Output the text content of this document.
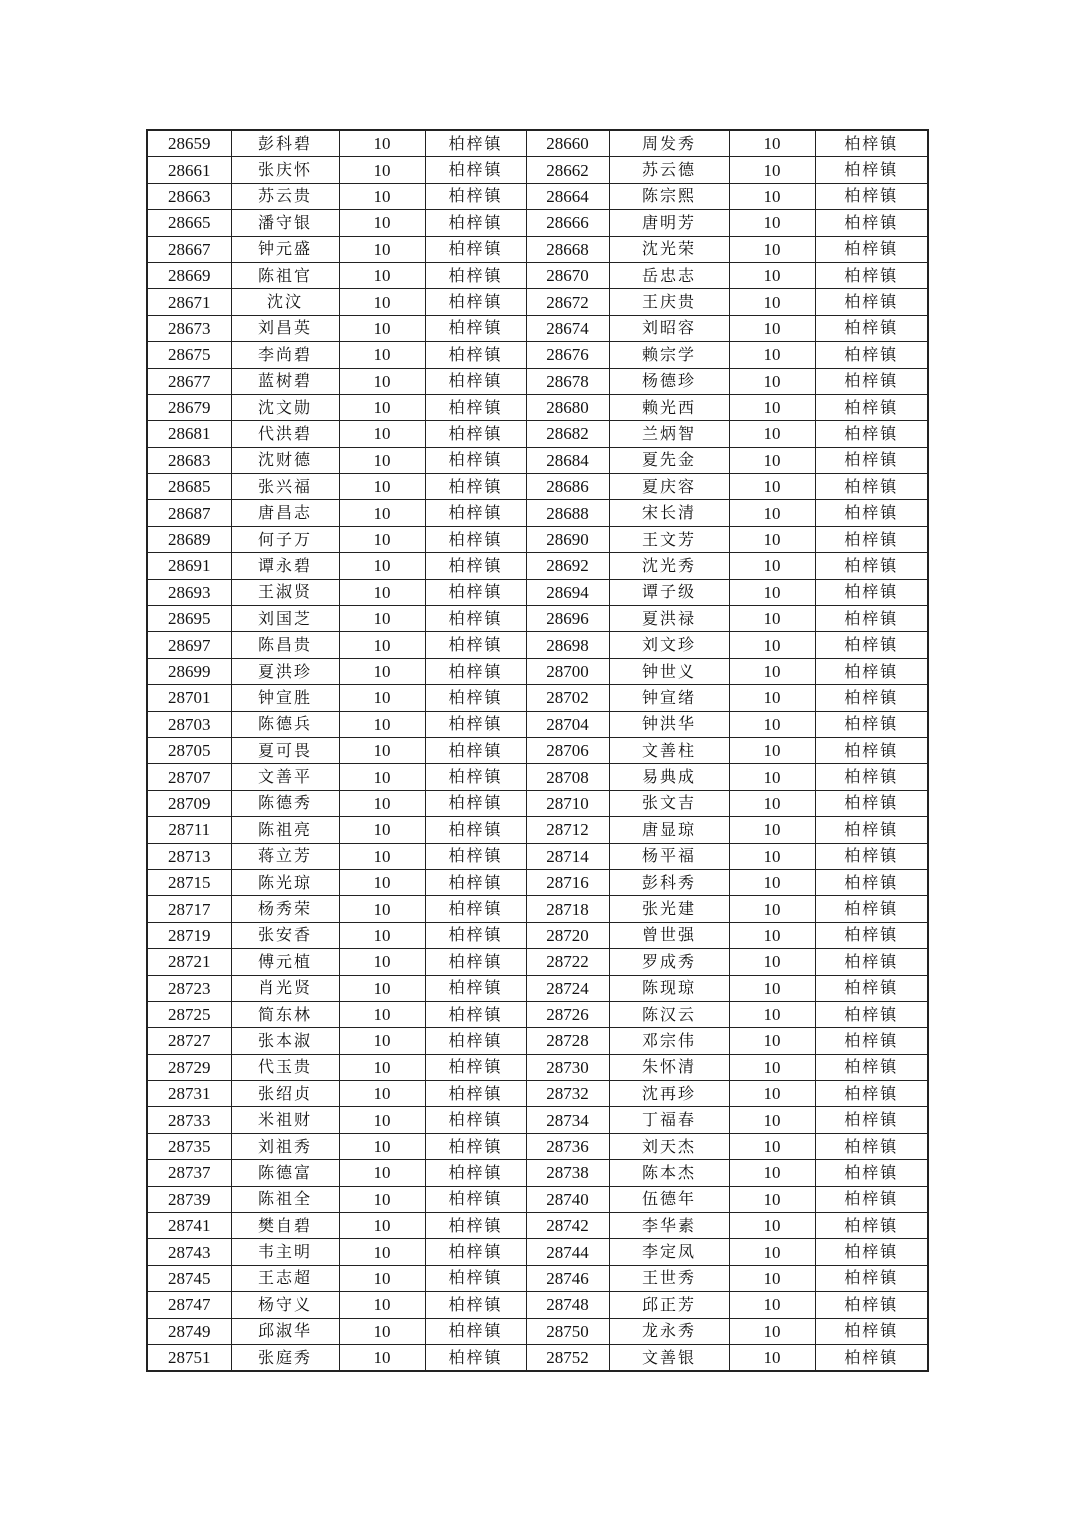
28659	彭科碧	10	柏梓镇	28660	周发秀	10	柏梓镇
28661	张庆怀	10	柏梓镇	28662	苏云德	10	柏梓镇
28663	苏云贵	10	柏梓镇	28664	陈宗熙	10	柏梓镇
28665	潘守银	10	柏梓镇	28666	唐明芳	10	柏梓镇
28667	钟元盛	10	柏梓镇	28668	沈光荣	10	柏梓镇
28669	陈祖官	10	柏梓镇	28670	岳忠志	10	柏梓镇
28671	沈汶	10	柏梓镇	28672	王庆贵	10	柏梓镇
28673	刘昌英	10	柏梓镇	28674	刘昭容	10	柏梓镇
28675	李尚碧	10	柏梓镇	28676	赖宗学	10	柏梓镇
28677	蓝树碧	10	柏梓镇	28678	杨德珍	10	柏梓镇
28679	沈文勋	10	柏梓镇	28680	赖光西	10	柏梓镇
28681	代洪碧	10	柏梓镇	28682	兰炳智	10	柏梓镇
28683	沈财德	10	柏梓镇	28684	夏先金	10	柏梓镇
28685	张兴福	10	柏梓镇	28686	夏庆容	10	柏梓镇
28687	唐昌志	10	柏梓镇	28688	宋长清	10	柏梓镇
28689	何子万	10	柏梓镇	28690	王文芳	10	柏梓镇
28691	谭永碧	10	柏梓镇	28692	沈光秀	10	柏梓镇
28693	王淑贤	10	柏梓镇	28694	谭子级	10	柏梓镇
28695	刘国芝	10	柏梓镇	28696	夏洪禄	10	柏梓镇
28697	陈昌贵	10	柏梓镇	28698	刘文珍	10	柏梓镇
28699	夏洪珍	10	柏梓镇	28700	钟世义	10	柏梓镇
28701	钟宣胜	10	柏梓镇	28702	钟宣绪	10	柏梓镇
28703	陈德兵	10	柏梓镇	28704	钟洪华	10	柏梓镇
28705	夏可畏	10	柏梓镇	28706	文善柱	10	柏梓镇
28707	文善平	10	柏梓镇	28708	易典成	10	柏梓镇
28709	陈德秀	10	柏梓镇	28710	张文吉	10	柏梓镇
28711	陈祖亮	10	柏梓镇	28712	唐显琼	10	柏梓镇
28713	蒋立芳	10	柏梓镇	28714	杨平福	10	柏梓镇
28715	陈光琼	10	柏梓镇	28716	彭科秀	10	柏梓镇
28717	杨秀荣	10	柏梓镇	28718	张光建	10	柏梓镇
28719	张安香	10	柏梓镇	28720	曾世强	10	柏梓镇
28721	傅元植	10	柏梓镇	28722	罗成秀	10	柏梓镇
28723	肖光贤	10	柏梓镇	28724	陈现琼	10	柏梓镇
28725	简东林	10	柏梓镇	28726	陈汉云	10	柏梓镇
28727	张本淑	10	柏梓镇	28728	邓宗伟	10	柏梓镇
28729	代玉贵	10	柏梓镇	28730	朱怀清	10	柏梓镇
28731	张绍贞	10	柏梓镇	28732	沈再珍	10	柏梓镇
28733	米祖财	10	柏梓镇	28734	丁福春	10	柏梓镇
28735	刘祖秀	10	柏梓镇	28736	刘天杰	10	柏梓镇
28737	陈德富	10	柏梓镇	28738	陈本杰	10	柏梓镇
28739	陈祖全	10	柏梓镇	28740	伍德年	10	柏梓镇
28741	樊自碧	10	柏梓镇	28742	李华素	10	柏梓镇
28743	韦主明	10	柏梓镇	28744	李定凤	10	柏梓镇
28745	王志超	10	柏梓镇	28746	王世秀	10	柏梓镇
28747	杨守义	10	柏梓镇	28748	邱正芳	10	柏梓镇
28749	邱淑华	10	柏梓镇	28750	龙永秀	10	柏梓镇
28751	张庭秀	10	柏梓镇	28752	文善银	10	柏梓镇
